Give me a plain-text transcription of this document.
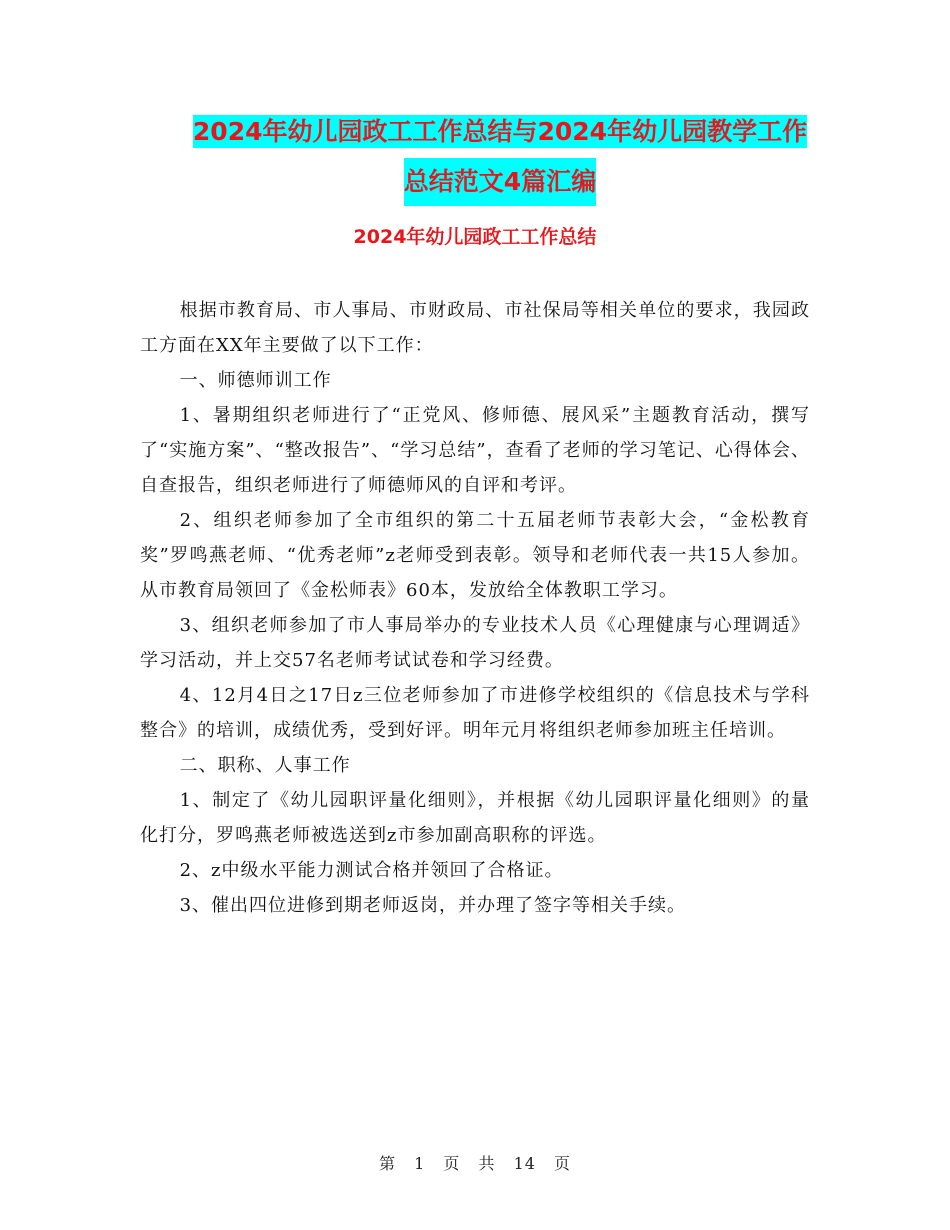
2024年幼儿园政工工作总结与2024年幼儿园教学工作
总结范文4篇汇编
2024年幼儿园政工工作总结

根据市教育局、市人事局、市财政局、市社保局等相关单位的要求，我园政工方面在XX年主要做了以下工作：

一、师德师训工作

1、暑期组织老师进行了“正党风、修师德、展风采”主题教育活动，撰写了“实施方案”、“整改报告”、“学习总结”，查看了老师的学习笔记、心得体会、自查报告，组织老师进行了师德师风的自评和考评。

2、组织老师参加了全市组织的第二十五届老师节表彰大会，“金松教育奖”罗鸣燕老师、“优秀老师”z老师受到表彰。领导和老师代表一共15人参加。从市教育局领回了《金松师表》60本，发放给全体教职工学习。

3、组织老师参加了市人事局举办的专业技术人员《心理健康与心理调适》学习活动，并上交57名老师考试试卷和学习经费。

4、12月4日之17日z三位老师参加了市进修学校组织的《信息技术与学科整合》的培训，成绩优秀，受到好评。明年元月将组织老师参加班主任培训。

二、职称、人事工作

1、制定了《幼儿园职评量化细则》，并根据《幼儿园职评量化细则》的量化打分，罗鸣燕老师被选送到z市参加副高职称的评选。

2、z中级水平能力测试合格并领回了合格证。

3、催出四位进修到期老师返岗，并办理了签字等相关手续。

第 1 页 共 14 页
